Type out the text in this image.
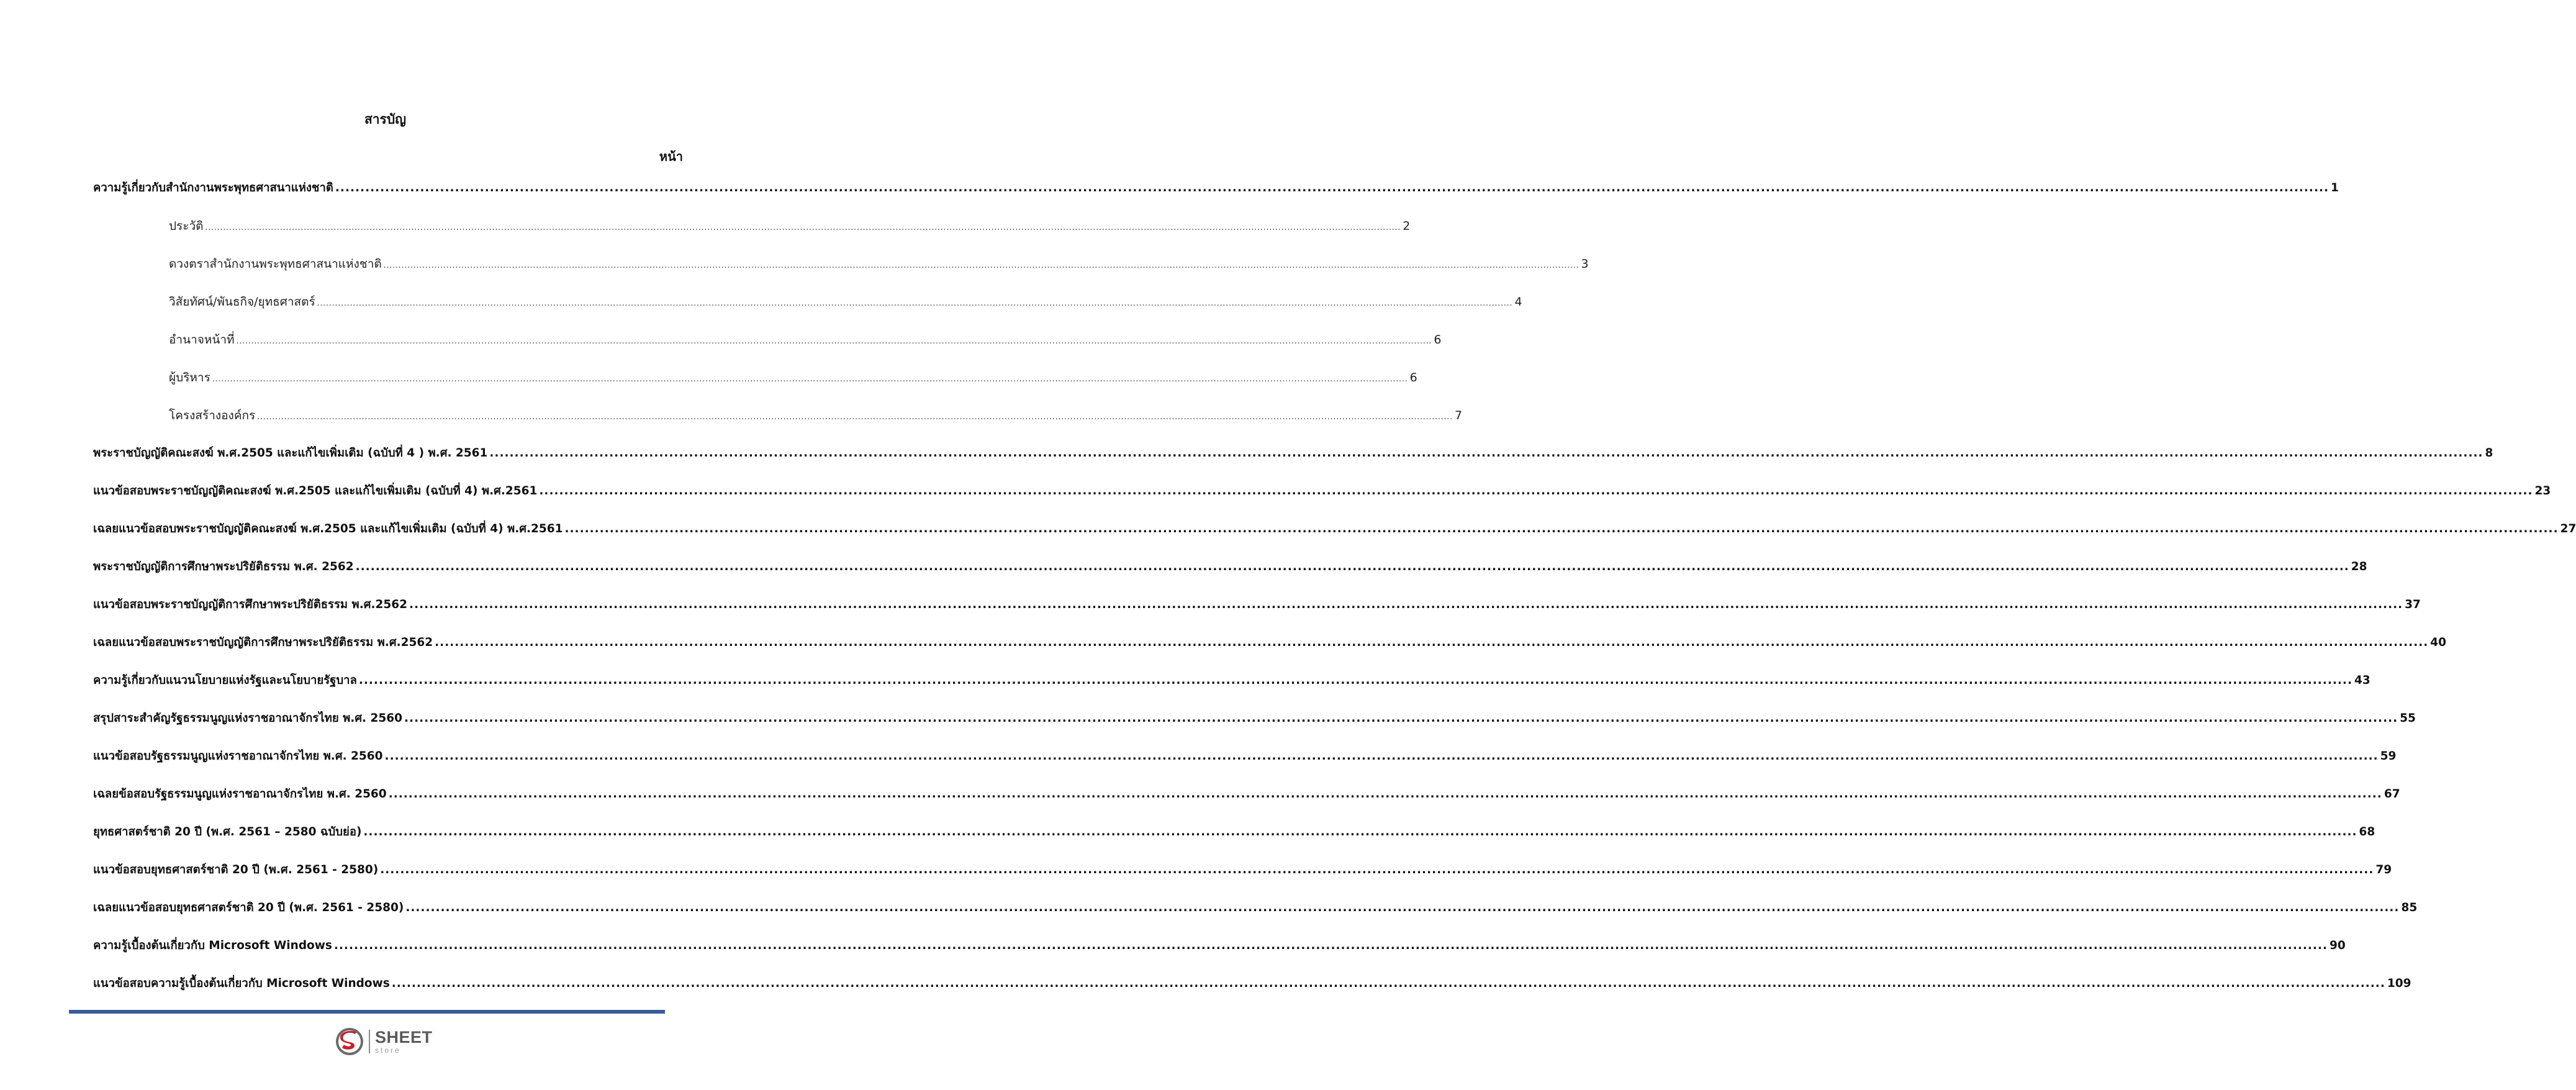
สารบัญ
หน้า
ความรู้เกี่ยวกับสำนักงานพระพุทธศาสนาแห่งชาติ ................................................................................................................................................................................................................................................................................................................................................................................................................ 1
ประวัติ ................................................................................................................................................................................................................................................................................................................................................................................................................ 2
ดวงตราสำนักงานพระพุทธศาสนาแห่งชาติ ................................................................................................................................................................................................................................................................................................................................................................................................................ 3
วิสัยทัศน์/พันธกิจ/ยุทธศาสตร์ ................................................................................................................................................................................................................................................................................................................................................................................................................ 4
อำนาจหน้าที่ ................................................................................................................................................................................................................................................................................................................................................................................................................ 6
ผู้บริหาร ................................................................................................................................................................................................................................................................................................................................................................................................................ 6
โครงสร้างองค์กร ................................................................................................................................................................................................................................................................................................................................................................................................................ 7
พระราชบัญญัติคณะสงฆ์ พ.ศ.2505 และแก้ไขเพิ่มเติม (ฉบับที่ 4 ) พ.ศ. 2561 ................................................................................................................................................................................................................................................................................................................................................................................................................ 8
แนวข้อสอบพระราชบัญญัติคณะสงฆ์ พ.ศ.2505 และแก้ไขเพิ่มเติม (ฉบับที่ 4) พ.ศ.2561 ................................................................................................................................................................................................................................................................................................................................................................................................................ 23
เฉลยแนวข้อสอบพระราชบัญญัติคณะสงฆ์ พ.ศ.2505 และแก้ไขเพิ่มเติม (ฉบับที่ 4) พ.ศ.2561 ................................................................................................................................................................................................................................................................................................................................................................................................................ 27
พระราชบัญญัติการศึกษาพระปริยัติธรรม พ.ศ. 2562 ................................................................................................................................................................................................................................................................................................................................................................................................................ 28
แนวข้อสอบพระราชบัญญัติการศึกษาพระปริยัติธรรม พ.ศ.2562 ................................................................................................................................................................................................................................................................................................................................................................................................................ 37
เฉลยแนวข้อสอบพระราชบัญญัติการศึกษาพระปริยัติธรรม พ.ศ.2562 ................................................................................................................................................................................................................................................................................................................................................................................................................ 40
ความรู้เกี่ยวกับแนวนโยบายแห่งรัฐและนโยบายรัฐบาล ................................................................................................................................................................................................................................................................................................................................................................................................................ 43
สรุปสาระสำคัญรัฐธรรมนูญแห่งราชอาณาจักรไทย พ.ศ. 2560 ................................................................................................................................................................................................................................................................................................................................................................................................................ 55
แนวข้อสอบรัฐธรรมนูญแห่งราชอาณาจักรไทย พ.ศ. 2560 ................................................................................................................................................................................................................................................................................................................................................................................................................ 59
เฉลยข้อสอบรัฐธรรมนูญแห่งราชอาณาจักรไทย พ.ศ. 2560 ................................................................................................................................................................................................................................................................................................................................................................................................................ 67
ยุทธศาสตร์ชาติ 20 ปี (พ.ศ. 2561 – 2580 ฉบับย่อ) ................................................................................................................................................................................................................................................................................................................................................................................................................ 68
แนวข้อสอบยุทธศาสตร์ชาติ 20 ปี (พ.ศ. 2561 - 2580) ................................................................................................................................................................................................................................................................................................................................................................................................................ 79
เฉลยแนวข้อสอบยุทธศาสตร์ชาติ 20 ปี (พ.ศ. 2561 - 2580) ................................................................................................................................................................................................................................................................................................................................................................................................................ 85
ความรู้เบื้องต้นเกี่ยวกับ Microsoft Windows ................................................................................................................................................................................................................................................................................................................................................................................................................ 90
แนวข้อสอบความรู้เบื้องต้นเกี่ยวกับ Microsoft Windows ................................................................................................................................................................................................................................................................................................................................................................................................................ 109
SHEET
store
